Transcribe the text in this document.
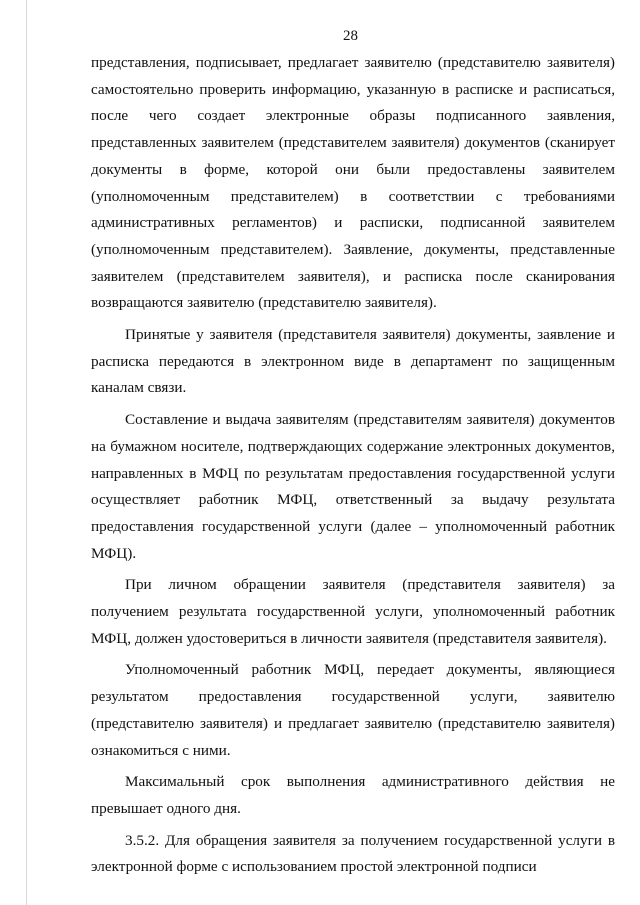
28

представления, подписывает, предлагает заявителю (представителю заявителя) самостоятельно проверить информацию, указанную в расписке и расписаться, после чего создает электронные образы подписанного заявления, представленных заявителем (представителем заявителя) документов (сканирует документы в форме, которой они были предоставлены заявителем (уполномоченным представителем) в соответствии с требованиями административных регламентов) и расписки, подписанной заявителем (уполномоченным представителем). Заявление, документы, представленные заявителем (представителем заявителя), и расписка после сканирования возвращаются заявителю (представителю заявителя).

Принятые у заявителя (представителя заявителя) документы, заявление и расписка передаются в электронном виде в департамент по защищенным каналам связи.

Составление и выдача заявителям (представителям заявителя) документов на бумажном носителе, подтверждающих содержание электронных документов, направленных в МФЦ по результатам предоставления государственной услуги осуществляет работник МФЦ, ответственный за выдачу результата предоставления государственной услуги (далее – уполномоченный работник МФЦ).

При личном обращении заявителя (представителя заявителя) за получением результата государственной услуги, уполномоченный работник МФЦ, должен удостовериться в личности заявителя (представителя заявителя).

Уполномоченный работник МФЦ, передает документы, являющиеся результатом предоставления государственной услуги, заявителю (представителю заявителя) и предлагает заявителю (представителю заявителя) ознакомиться с ними.

Максимальный срок выполнения административного действия не превышает одного дня.

3.5.2. Для обращения заявителя за получением государственной услуги в электронной форме с использованием простой электронной подписи
